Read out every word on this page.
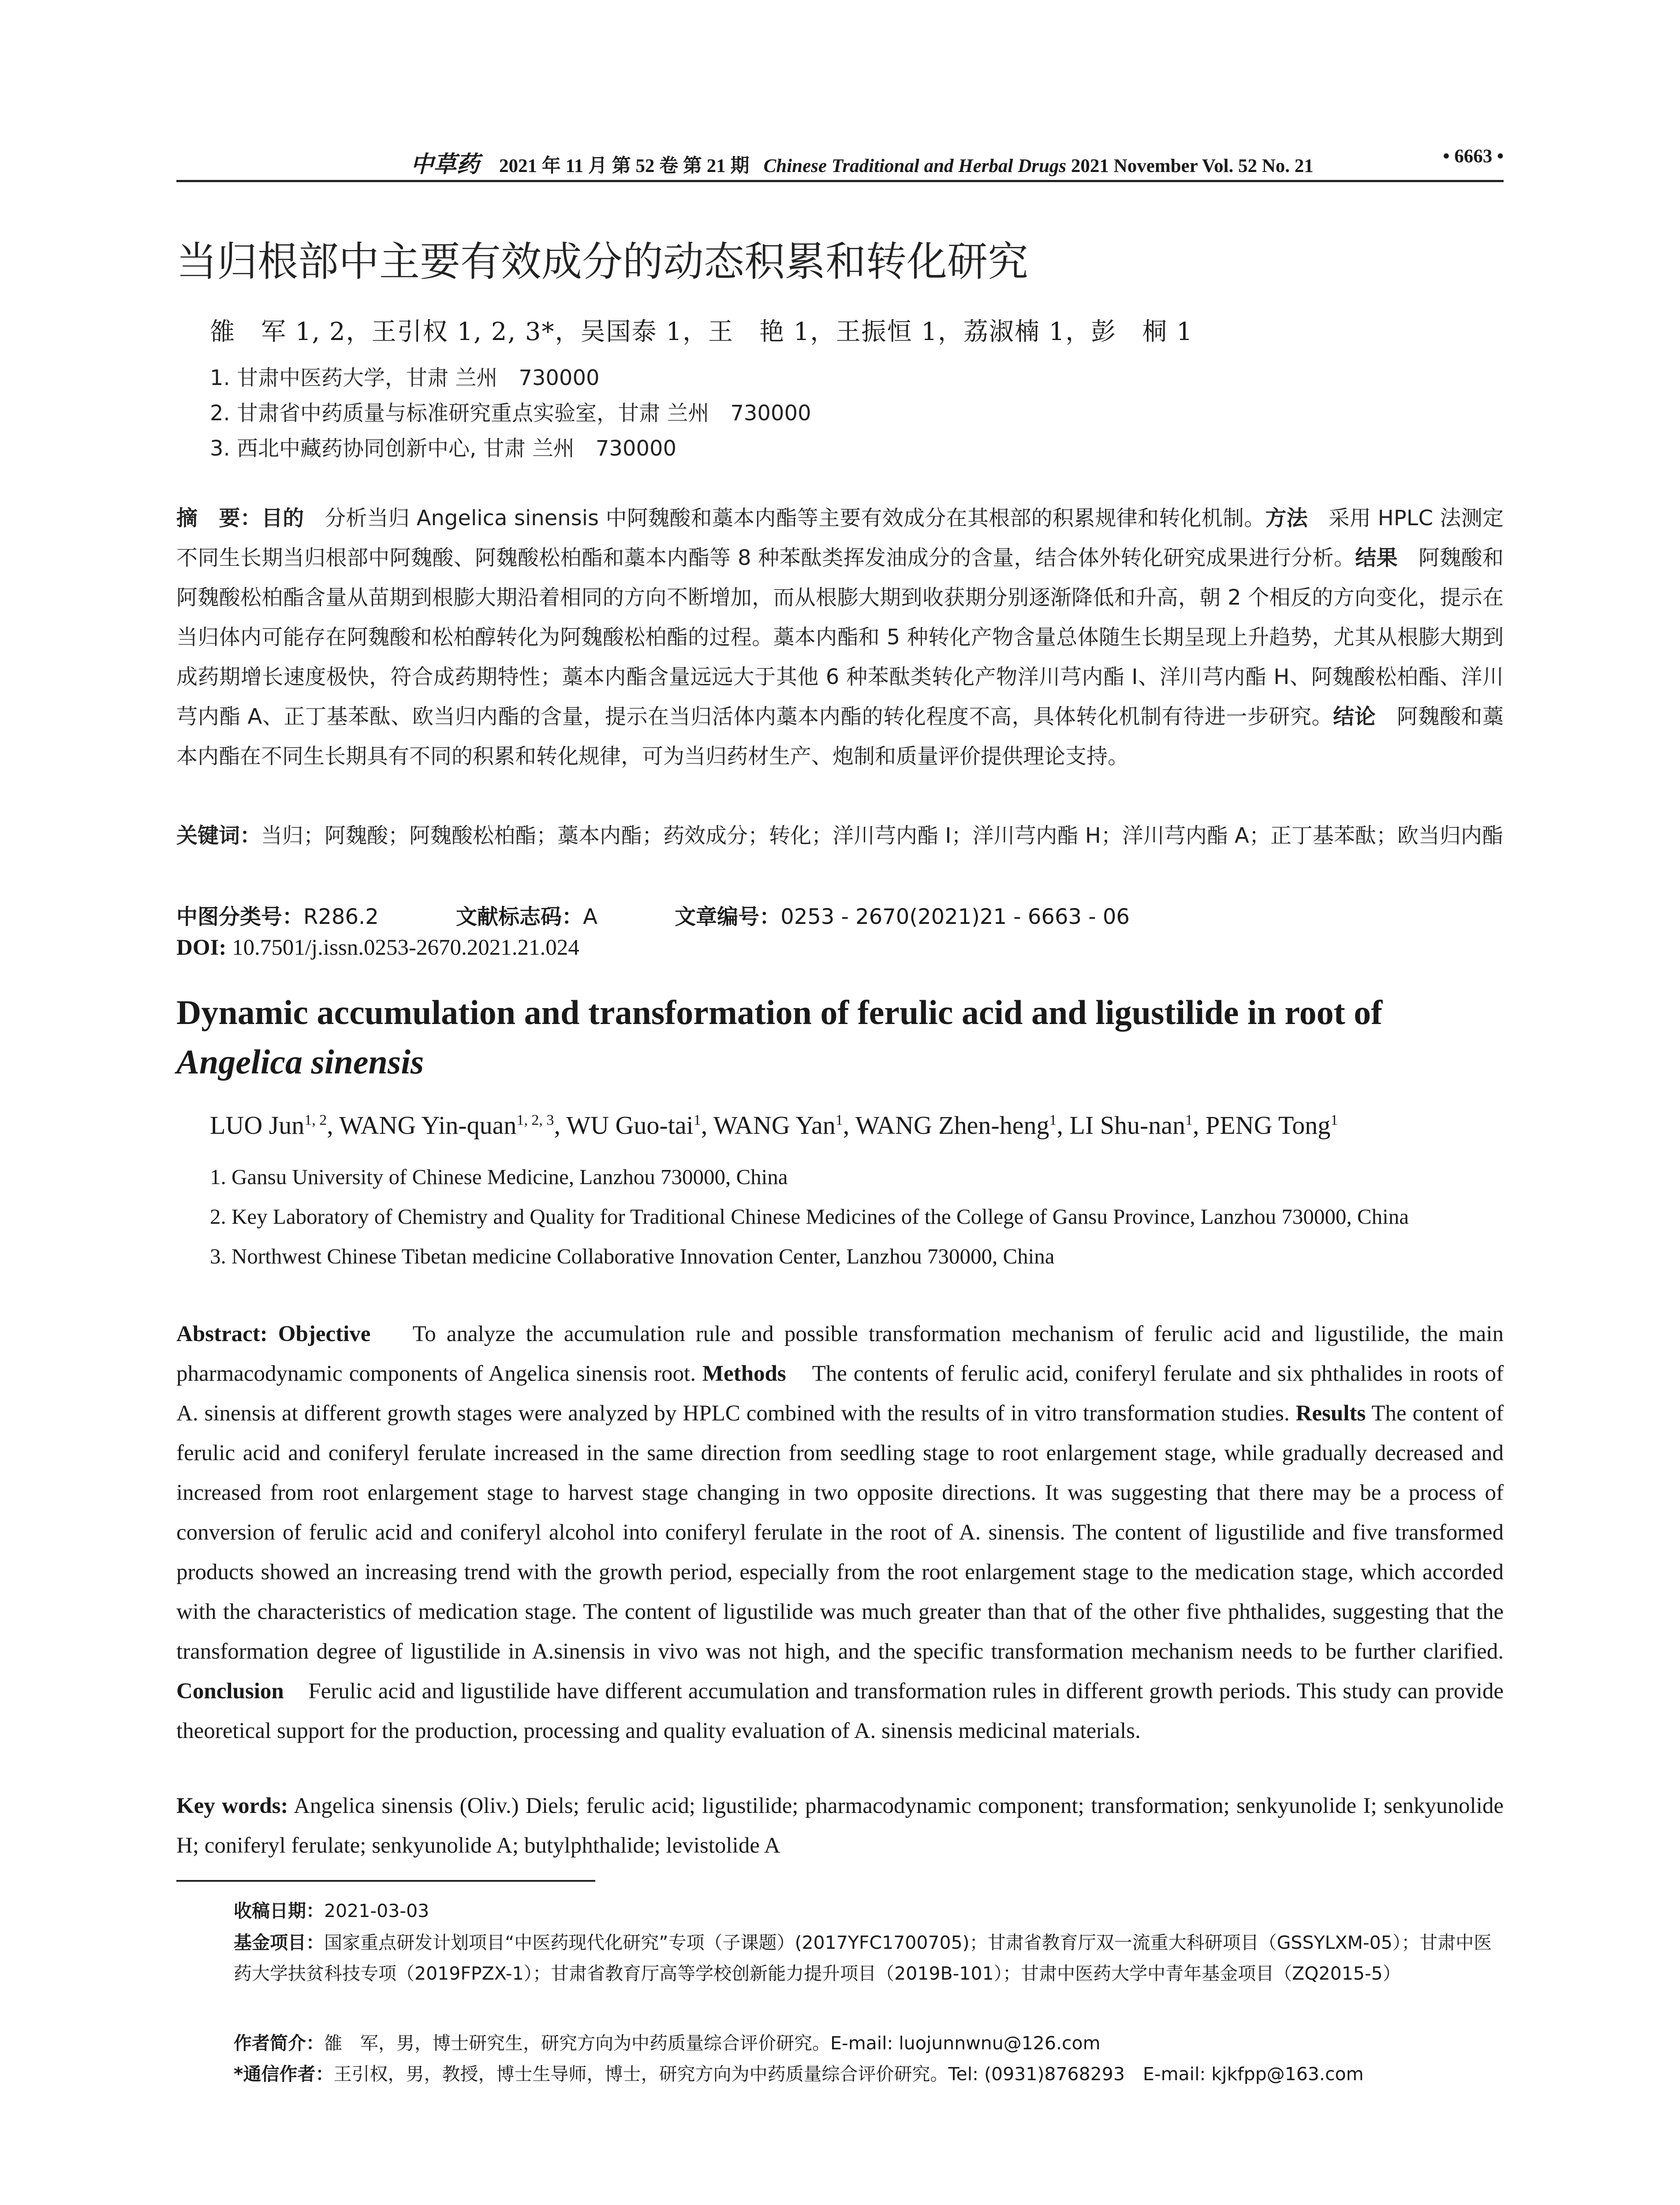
中草药 2021 年 11 月 第 52 卷 第 21 期 Chinese Traditional and Herbal Drugs 2021 November Vol. 52 No. 21	• 6663 •
当归根部中主要有效成分的动态积累和转化研究
雒　军 1, 2，王引权 1, 2, 3*，吴国泰 1，王　艳 1，王振恒 1，荔淑楠 1，彭　桐 1
1. 甘肃中医药大学，甘肃 兰州　730000
2. 甘肃省中药质量与标准研究重点实验室，甘肃 兰州　730000
3. 西北中藏药协同创新中心, 甘肃 兰州　730000
摘　要：目的 分析当归 Angelica sinensis 中阿魏酸和藁本内酯等主要有效成分在其根部的积累规律和转化机制。方法 采用 HPLC 法测定不同生长期当归根部中阿魏酸、阿魏酸松柏酯和藁本内酯等 8 种苯酞类挥发油成分的含量，结合体外转化研究成果进行分析。结果 阿魏酸和阿魏酸松柏酯含量从苗期到根膨大期沿着相同的方向不断增加，而从根膨大期到收获期分别逐渐降低和升高，朝 2 个相反的方向变化，提示在当归体内可能存在阿魏酸和松柏醇转化为阿魏酸松柏酯的过程。藁本内酯和 5 种转化产物含量总体随生长期呈现上升趋势，尤其从根膨大期到成药期增长速度极快，符合成药期特性；藁本内酯含量远远大于其他 6 种苯酞类转化产物洋川芎内酯 I、洋川芎内酯 H、阿魏酸松柏酯、洋川芎内酯 A、正丁基苯酞、欧当归内酯的含量，提示在当归活体内藁本内酯的转化程度不高，具体转化机制有待进一步研究。结论 阿魏酸和藁本内酯在不同生长期具有不同的积累和转化规律，可为当归药材生产、炮制和质量评价提供理论支持。
关键词：当归；阿魏酸；阿魏酸松柏酯；藁本内酯；药效成分；转化；洋川芎内酯 I；洋川芎内酯 H；洋川芎内酯 A；正丁基苯酞；欧当归内酯
中图分类号：R286.2	文献标志码：A	文章编号：0253 - 2670(2021)21 - 6663 - 06
DOI: 10.7501/j.issn.0253-2670.2021.21.024
Dynamic accumulation and transformation of ferulic acid and ligustilide in root of Angelica sinensis
LUO Jun$^{1, 2}$, WANG Yin-quan$^{1, 2, 3}$, WU Guo-tai$^1$, WANG Yan$^1$, WANG Zhen-heng$^1$, LI Shu-nan$^1$, PENG Tong$^1$
1. Gansu University of Chinese Medicine, Lanzhou 730000, China
2. Key Laboratory of Chemistry and Quality for Traditional Chinese Medicines of the College of Gansu Province, Lanzhou 730000, China
3. Northwest Chinese Tibetan medicine Collaborative Innovation Center, Lanzhou 730000, China
Abstract: Objective To analyze the accumulation rule and possible transformation mechanism of ferulic acid and ligustilide, the main pharmacodynamic components of Angelica sinensis root. Methods The contents of ferulic acid, coniferyl ferulate and six phthalides in roots of A. sinensis at different growth stages were analyzed by HPLC combined with the results of in vitro transformation studies. Results The content of ferulic acid and coniferyl ferulate increased in the same direction from seedling stage to root enlargement stage, while gradually decreased and increased from root enlargement stage to harvest stage changing in two opposite directions. It was suggesting that there may be a process of conversion of ferulic acid and coniferyl alcohol into coniferyl ferulate in the root of A. sinensis. The content of ligustilide and five transformed products showed an increasing trend with the growth period, especially from the root enlargement stage to the medication stage, which accorded with the characteristics of medication stage. The content of ligustilide was much greater than that of the other five phthalides, suggesting that the transformation degree of ligustilide in A.sinensis in vivo was not high, and the specific transformation mechanism needs to be further clarified. Conclusion Ferulic acid and ligustilide have different accumulation and transformation rules in different growth periods. This study can provide theoretical support for the production, processing and quality evaluation of A. sinensis medicinal materials.
Key words: Angelica sinensis (Oliv.) Diels; ferulic acid; ligustilide; pharmacodynamic component; transformation; senkyunolide I; senkyunolide H; coniferyl ferulate; senkyunolide A; butylphthalide; levistolide A
收稿日期：2021-03-03
基金项目：国家重点研发计划项目“中医药现代化研究”专项（子课题）(2017YFC1700705)；甘肃省教育厅双一流重大科研项目（GSSYLXM-05）；甘肃中医药大学扶贫科技专项（2019FPZX-1）；甘肃省教育厅高等学校创新能力提升项目（2019B-101）；甘肃中医药大学中青年基金项目（ZQ2015-5）
作者简介：雒　军，男，博士研究生，研究方向为中药质量综合评价研究。E-mail: luojunnwnu@126.com
*通信作者：王引权，男，教授，博士生导师，博士，研究方向为中药质量综合评价研究。Tel: (0931)8768293　E-mail: kjkfpp@163.com
